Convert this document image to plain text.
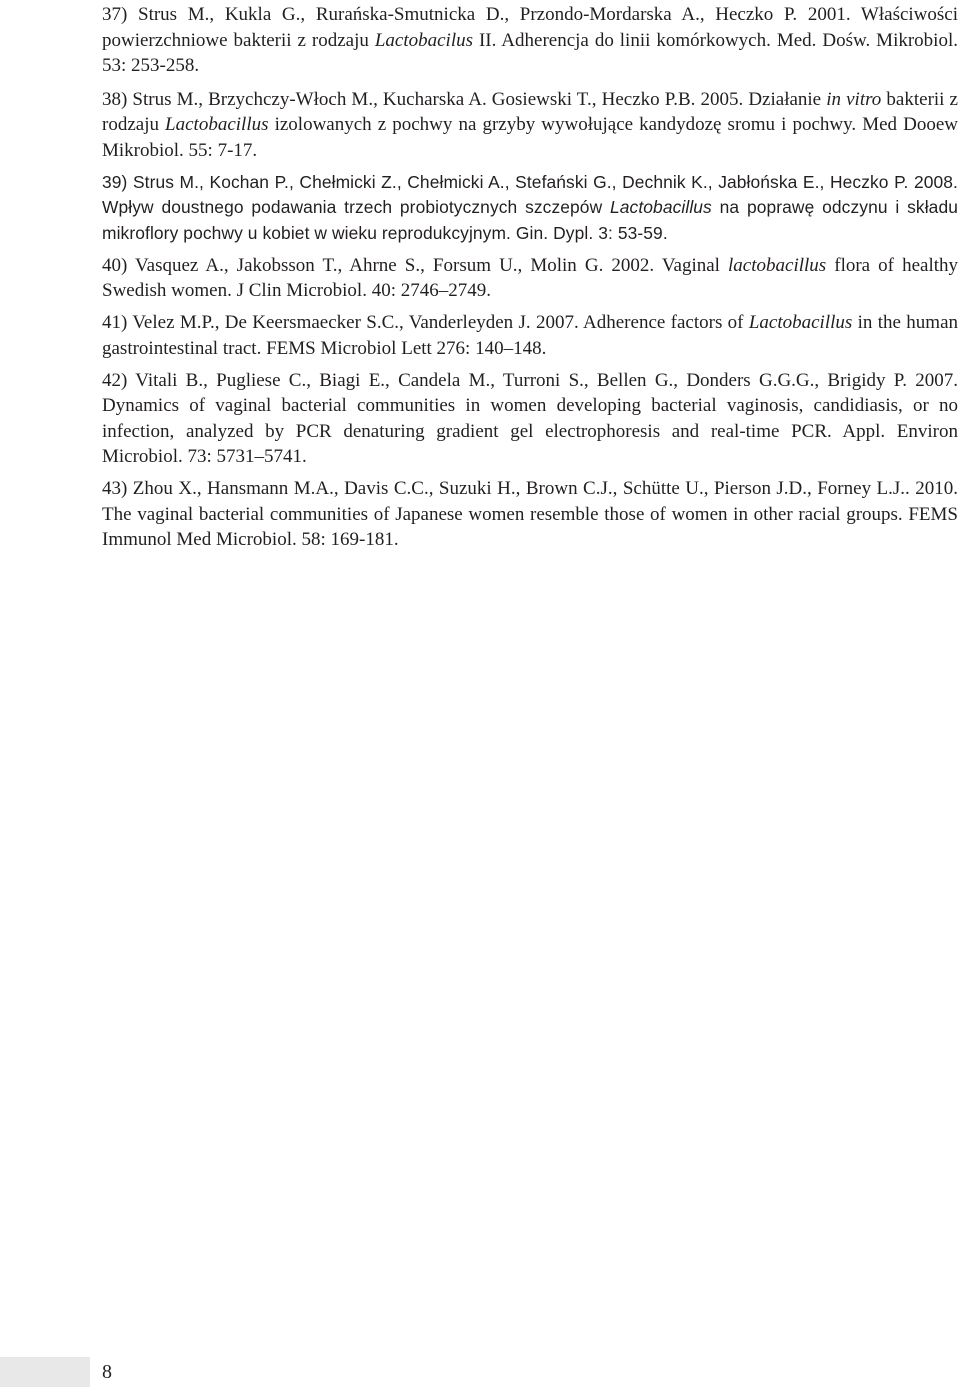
37) Strus M., Kukla G., Rurańska-Smutnicka D., Przondo-Mordarska A., Heczko P. 2001. Właściwości powierzchniowe bakterii z rodzaju Lactobacilus II. Adherencja do linii komórkowych. Med. Dośw. Mikrobiol. 53: 253-258.

38) Strus M., Brzychczy-Włoch M., Kucharska A. Gosiewski T., Heczko P.B. 2005. Działanie in vitro bakterii z rodzaju Lactobacillus izolowanych z pochwy na grzyby wywołujące kandydozę sromu i pochwy. Med Dooew Mikrobiol. 55: 7-17.

39) Strus M., Kochan P., Chełmicki Z., Chełmicki A., Stefański G., Dechnik K., Jabłońska E., Heczko P. 2008. Wpływ doustnego podawania trzech probiotycznych szczepów Lactobacillus na poprawę odczynu i składu mikroflory pochwy u kobiet w wieku reprodukcyjnym. Gin. Dypl. 3: 53-59.

40) Vasquez A., Jakobsson T., Ahrne S., Forsum U., Molin G. 2002. Vaginal lactobacillus flora of healthy Swedish women. J Clin Microbiol. 40: 2746–2749.

41) Velez M.P., De Keersmaecker S.C., Vanderleyden J. 2007. Adherence factors of Lactobacillus in the human gastrointestinal tract. FEMS Microbiol Lett 276: 140–148.

42) Vitali B., Pugliese C., Biagi E., Candela M., Turroni S., Bellen G., Donders G.G.G., Brigidy P. 2007. Dynamics of vaginal bacterial communities in women developing bacterial vaginosis, candidiasis, or no infection, analyzed by PCR denaturing gradient gel electrophoresis and real-time PCR. Appl. Environ Microbiol. 73: 5731–5741.

43) Zhou X., Hansmann M.A., Davis C.C., Suzuki H., Brown C.J., Schütte U., Pierson J.D., Forney L.J.. 2010. The vaginal bacterial communities of Japanese women resemble those of women in other racial groups. FEMS Immunol Med Microbiol. 58: 169-181.

8
